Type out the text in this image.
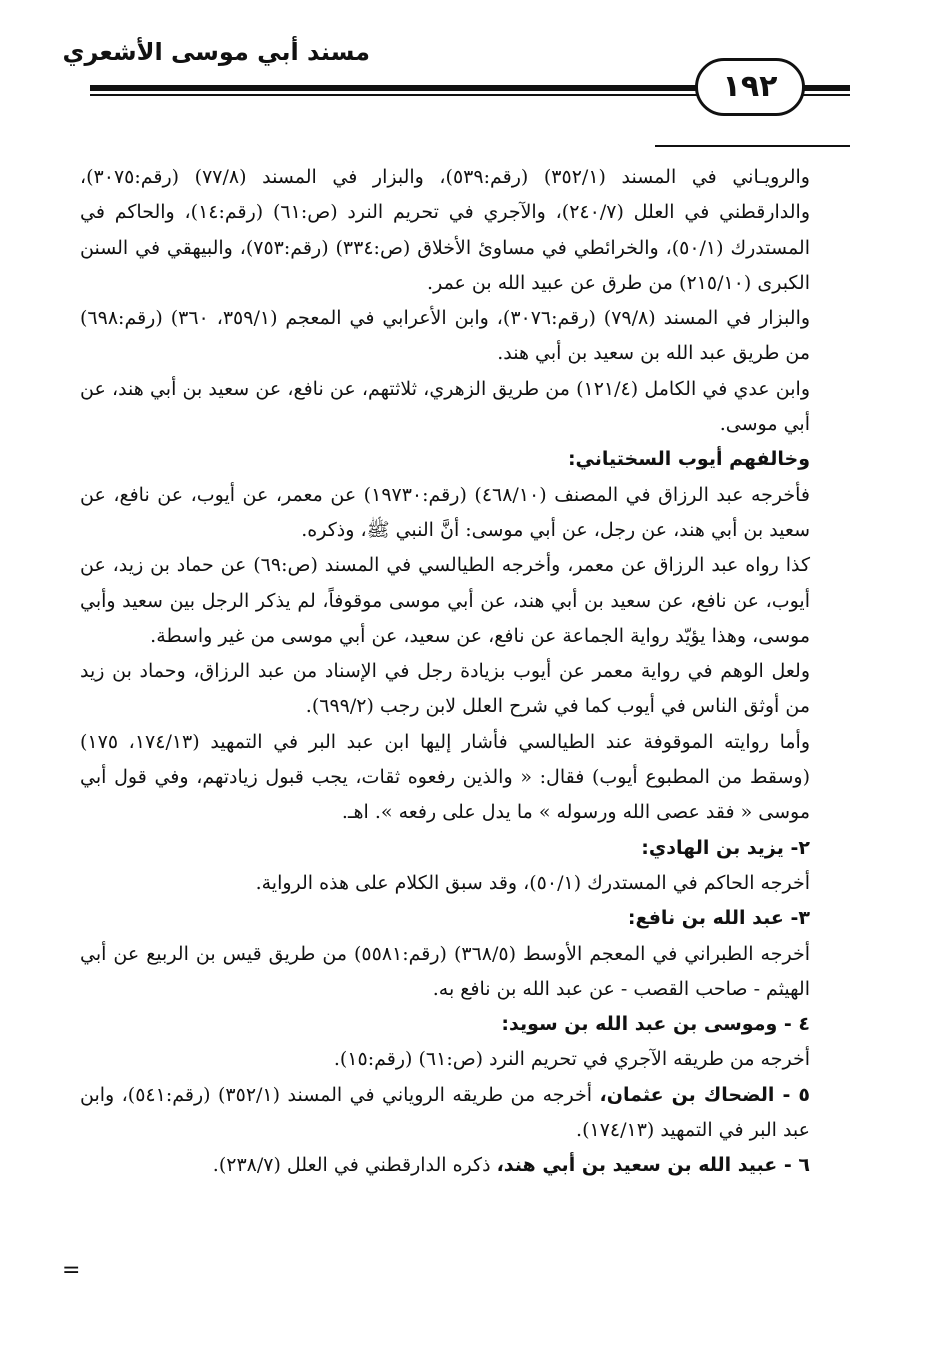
مسند أبي موسى الأشعري
١٩٢

والرويـاني في المسند (٣٥٢/١) (رقم:٥٣٩)، والبزار في المسند (٧٧/٨) (رقم:٣٠٧٥)، والدارقطني في العلل (٢٤٠/٧)، والآجري في تحريم النرد (ص:٦١) (رقم:١٤)، والحاكم في المستدرك (٥٠/١)، والخرائطي في مساوئ الأخلاق (ص:٣٣٤) (رقم:٧٥٣)، والبيهقي في السنن الكبرى (٢١٥/١٠) من طرق عن عبيد الله بن عمر.

والبزار في المسند (٧٩/٨) (رقم:٣٠٧٦)، وابن الأعرابي في المعجم (٣٥٩/١، ٣٦٠) (رقم:٦٩٨) من طريق عبد الله بن سعيد بن أبي هند.

وابن عدي في الكامل (١٢١/٤) من طريق الزهري، ثلاثتهم، عن نافع، عن سعيد بن أبي هند، عن أبي موسى.

وخالفهم أيوب السختياني:

فأخرجه عبد الرزاق في المصنف (٤٦٨/١٠) (رقم:١٩٧٣٠) عن معمر، عن أيوب، عن نافع، عن سعيد بن أبي هند، عن رجل، عن أبي موسى: أنَّ النبي ﷺ، وذكره.

كذا رواه عبد الرزاق عن معمر، وأخرجه الطيالسي في المسند (ص:٦٩) عن حماد بن زيد، عن أيوب، عن نافع، عن سعيد بن أبي هند، عن أبي موسى موقوفاً، لم يذكر الرجل بين سعيد وأبي موسى، وهذا يؤيّد رواية الجماعة عن نافع، عن سعيد، عن أبي موسى من غير واسطة.

ولعل الوهم في رواية معمر عن أيوب بزيادة رجل في الإسناد من عبد الرزاق، وحماد بن زيد من أوثق الناس في أيوب كما في شرح العلل لابن رجب (٦٩٩/٢).

وأما روايته الموقوفة عند الطيالسي فأشار إليها ابن عبد البر في التمهيد (١٧٤/١٣، ١٧٥) (وسقط من المطبوع أيوب) فقال: « والذين رفعوه ثقات، يجب قبول زيادتهم، وفي قول أبي موسى « فقد عصى الله ورسوله » ما يدل على رفعه ». اهـ.

٢- يزيد بن الهادي:

أخرجه الحاكم في المستدرك (٥٠/١)، وقد سبق الكلام على هذه الرواية.

٣- عبد الله بن نافع:

أخرجه الطبراني في المعجم الأوسط (٣٦٨/٥) (رقم:٥٥٨١) من طريق قيس بن الربيع عن أبي الهيثم - صاحب القصب - عن عبد الله بن نافع به.

٤ - وموسى بن عبد الله بن سويد:

أخرجه من طريقه الآجري في تحريم النرد (ص:٦١) (رقم:١٥).

٥ - الضحاك بن عثمان، أخرجه من طريقه الروياني في المسند (٣٥٢/١) (رقم:٥٤١)، وابن عبد البر في التمهيد (١٧٤/١٣).

٦ - عبيد الله بن سعيد بن أبي هند، ذكره الدارقطني في العلل (٢٣٨/٧).

=
